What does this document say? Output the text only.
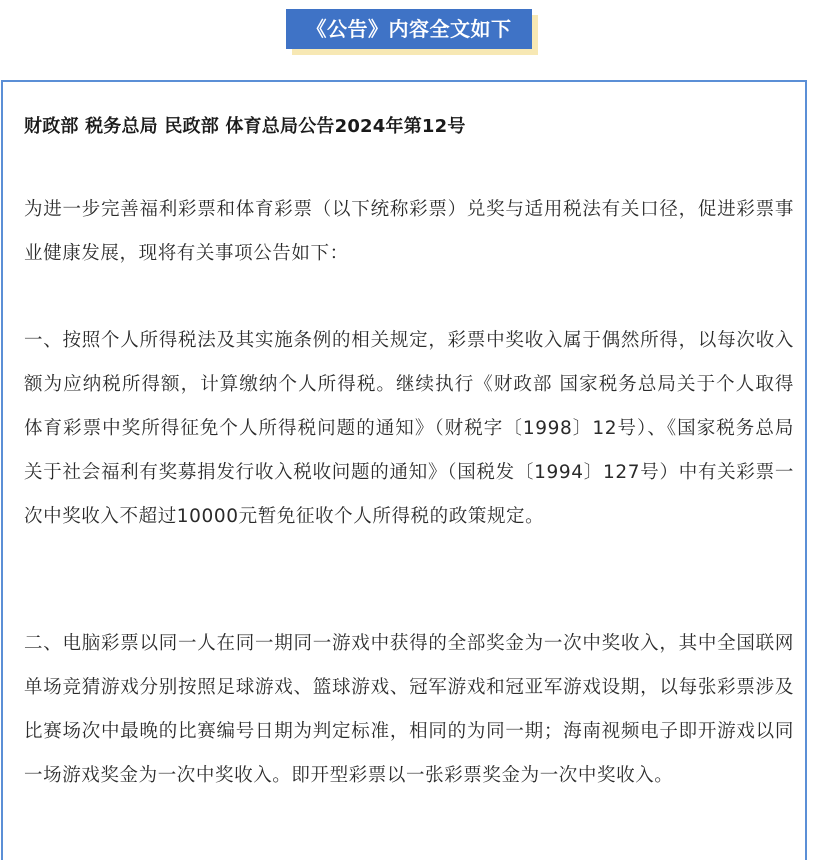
《公告》内容全文如下
财政部 税务总局 民政部 体育总局公告2024年第12号
为进一步完善福利彩票和体育彩票（以下统称彩票）兑奖与适用税法有关口径，促进彩票事业健康发展，现将有关事项公告如下：
一、按照个人所得税法及其实施条例的相关规定，彩票中奖收入属于偶然所得，以每次收入额为应纳税所得额，计算缴纳个人所得税。继续执行《财政部 国家税务总局关于个人取得体育彩票中奖所得征免个人所得税问题的通知》（财税字〔1998〕12号）、《国家税务总局关于社会福利有奖募捐发行收入税收问题的通知》（国税发〔1994〕127号）中有关彩票一次中奖收入不超过10000元暂免征收个人所得税的政策规定。
二、电脑彩票以同一人在同一期同一游戏中获得的全部奖金为一次中奖收入，其中全国联网单场竞猜游戏分别按照足球游戏、篮球游戏、冠军游戏和冠亚军游戏设期，以每张彩票涉及比赛场次中最晚的比赛编号日期为判定标准，相同的为同一期；海南视频电子即开游戏以同一场游戏奖金为一次中奖收入。即开型彩票以一张彩票奖金为一次中奖收入。
